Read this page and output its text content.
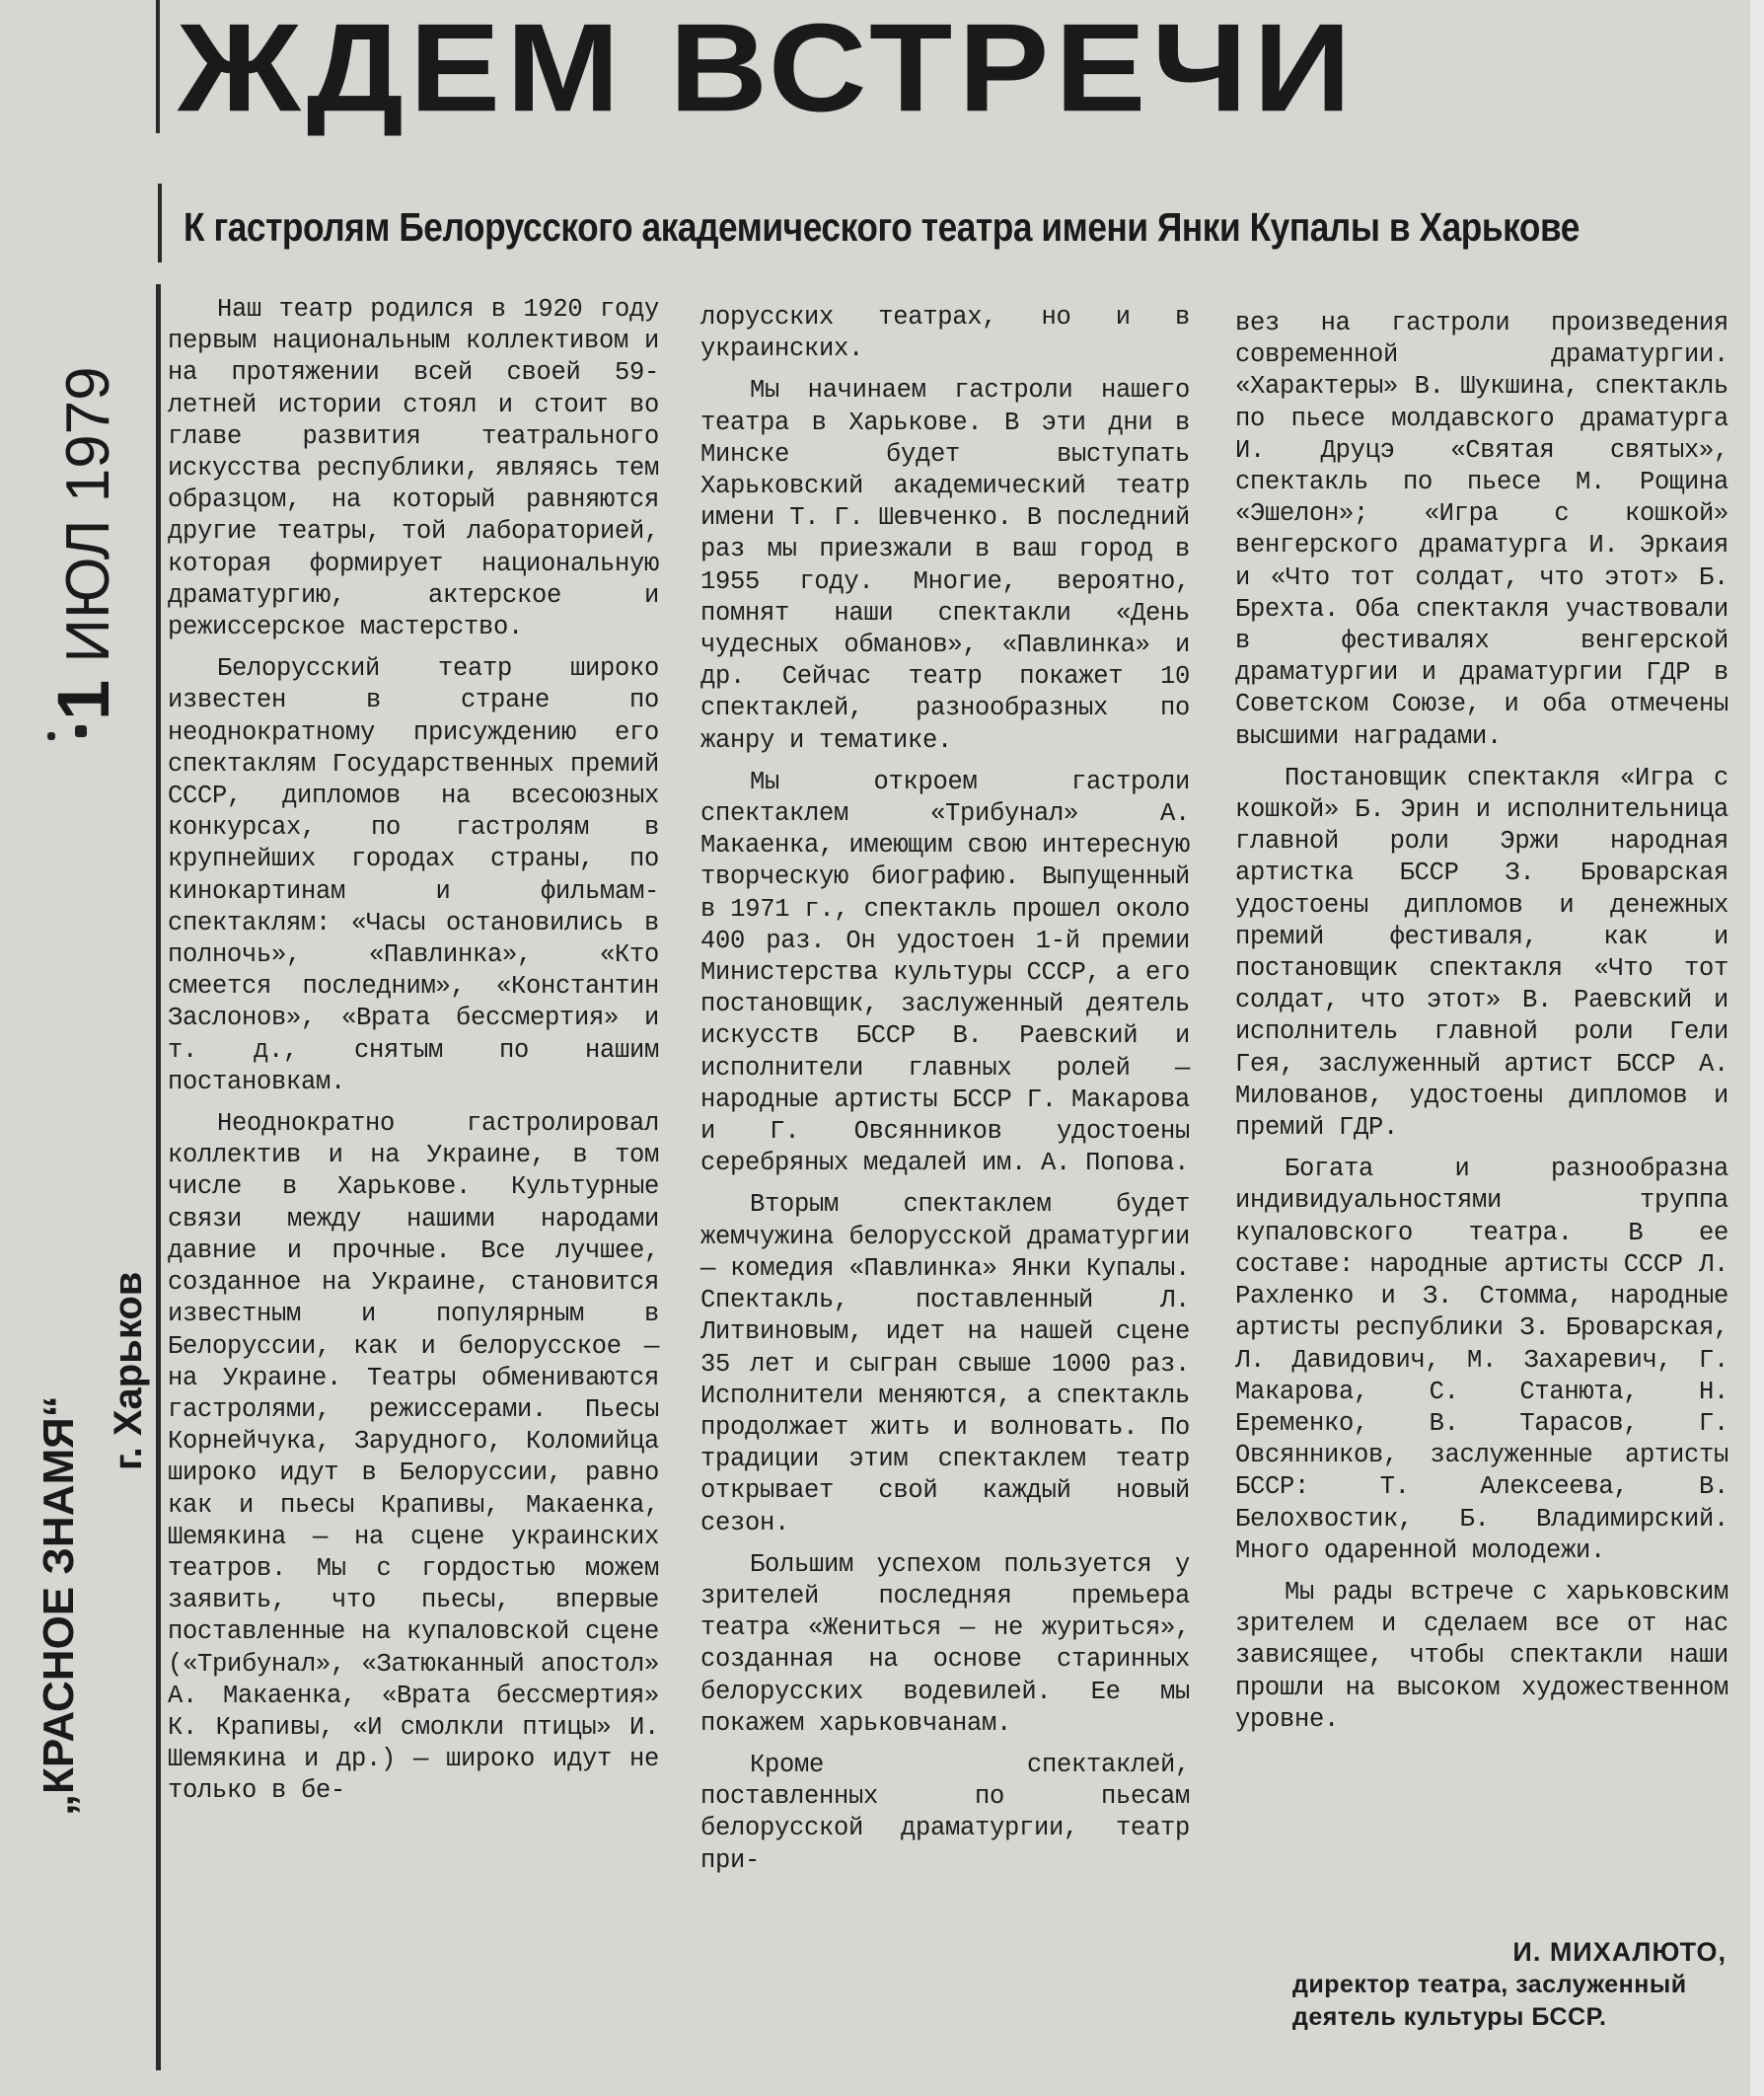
ЖДЕМ ВСТРЕЧИ
К гастролям Белорусского академического театра имени Янки Купалы в Харькове
1 ИЮЛ 1979
„КРАСНОЕ ЗНАМЯ“
г. Харьков

Наш театр родился в 1920 году первым национальным коллективом и на протяжении всей своей 59-летней истории стоял и стоит во главе развития театрального искусства республики, являясь тем образцом, на который равняются другие театры, той лабораторией, которая формирует национальную драматургию, актерское и режиссерское мастерство.

Белорусский театр широко известен в стране по неоднократному присуждению его спектаклям Государственных премий СССР, дипломов на всесоюзных конкурсах, по гастролям в крупнейших городах страны, по кинокартинам и фильмам-спектаклям: «Часы остановились в полночь», «Павлинка», «Кто смеется последним», «Константин Заслонов», «Врата бессмертия» и т. д., снятым по нашим постановкам.

Неоднократно гастролировал коллектив и на Украине, в том числе в Харькове. Культурные связи между нашими народами давние и прочные. Все лучшее, созданное на Украине, становится известным и популярным в Белоруссии, как и белорусское — на Украине. Театры обмениваются гастролями, режиссерами. Пьесы Корнейчука, Зарудного, Коломийца широко идут в Белоруссии, равно как и пьесы Крапивы, Макаенка, Шемякина — на сцене украинских театров. Мы с гордостью можем заявить, что пьесы, впервые поставленные на купаловской сцене («Трибунал», «Затюканный апостол» А. Макаенка, «Врата бессмертия» К. Крапивы, «И смолкли птицы» И. Шемякина и др.) — широко идут не только в бе-

лорусских театрах, но и в украинских.

Мы начинаем гастроли нашего театра в Харькове. В эти дни в Минске будет выступать Харьковский академический театр имени Т. Г. Шевченко. В последний раз мы приезжали в ваш город в 1955 году. Многие, вероятно, помнят наши спектакли «День чудесных обманов», «Павлинка» и др. Сейчас театр покажет 10 спектаклей, разнообразных по жанру и тематике.

Мы откроем гастроли спектаклем «Трибунал» А. Макаенка, имеющим свою интересную творческую биографию. Выпущенный в 1971 г., спектакль прошел около 400 раз. Он удостоен 1-й премии Министерства культуры СССР, а его постановщик, заслуженный деятель искусств БССР В. Раевский и исполнители главных ролей — народные артисты БССР Г. Макарова и Г. Овсянников удостоены серебряных медалей им. А. Попова.

Вторым спектаклем будет жемчужина белорусской драматургии — комедия «Павлинка» Янки Купалы. Спектакль, поставленный Л. Литвиновым, идет на нашей сцене 35 лет и сыгран свыше 1000 раз. Исполнители меняются, а спектакль продолжает жить и волновать. По традиции этим спектаклем театр открывает свой каждый новый сезон.

Большим успехом пользуется у зрителей последняя премьера театра «Жениться — не журиться», созданная на основе старинных белорусских водевилей. Ее мы покажем харьковчанам.

Кроме спектаклей, поставленных по пьесам белорусской драматургии, театр при-

вез на гастроли произведения современной драматургии. «Характеры» В. Шукшина, спектакль по пьесе молдавского драматурга И. Друцэ «Святая святых», спектакль по пьесе М. Рощина «Эшелон»; «Игра с кошкой» венгерского драматурга И. Эркаия и «Что тот солдат, что этот» Б. Брехта. Оба спектакля участвовали в фестивалях венгерской драматургии и драматургии ГДР в Советском Союзе, и оба отмечены высшими наградами.

Постановщик спектакля «Игра с кошкой» Б. Эрин и исполнительница главной роли Эржи народная артистка БССР З. Броварская удостоены дипломов и денежных премий фестиваля, как и постановщик спектакля «Что тот солдат, что этот» В. Раевский и исполнитель главной роли Гели Гея, заслуженный артист БССР А. Милованов, удостоены дипломов и премий ГДР.

Богата и разнообразна индивидуальностями труппа купаловского театра. В ее составе: народные артисты СССР Л. Рахленко и З. Стомма, народные артисты республики З. Броварская, Л. Давидович, М. Захаревич, Г. Макарова, С. Станюта, Н. Еременко, В. Тарасов, Г. Овсянников, заслуженные артисты БССР: Т. Алексеева, В. Белохвостик, Б. Владимирский. Много одаренной молодежи.

Мы рады встрече с харьковским зрителем и сделаем все от нас зависящее, чтобы спектакли наши прошли на высоком художественном уровне.

И. МИХАЛЮТО,
директор театра, заслуженный деятель культуры БССР.
